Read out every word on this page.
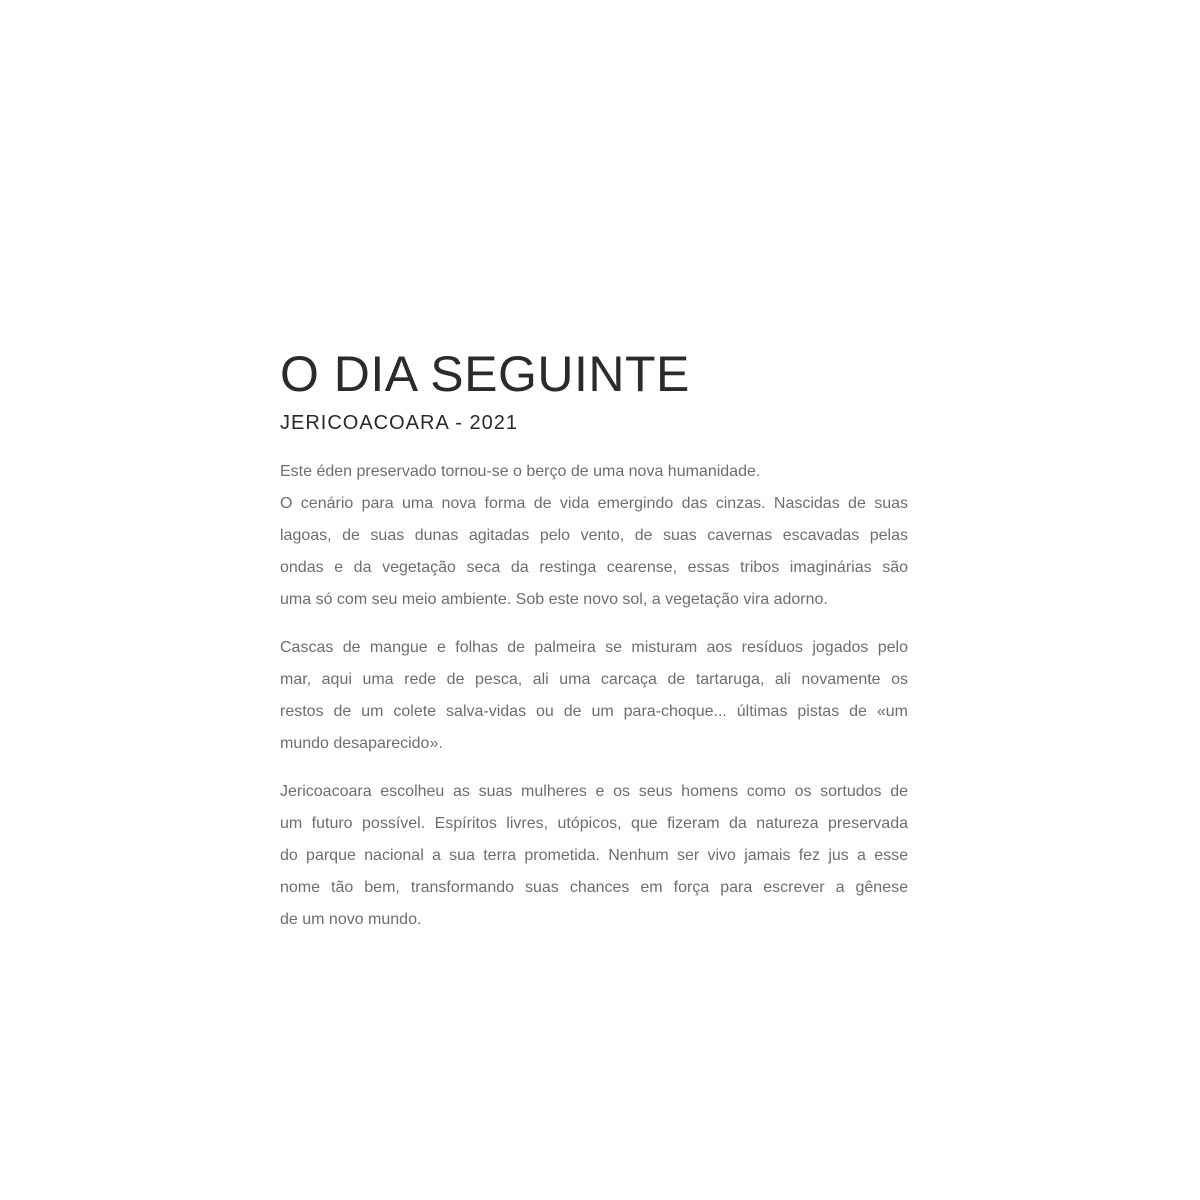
O DIA SEGUINTE
JERICOACOARA - 2021

Este éden preservado tornou-se o berço de uma nova humanidade.
O cenário para uma nova forma de vida emergindo das cinzas. Nascidas de suas
lagoas, de suas dunas agitadas pelo vento, de suas cavernas escavadas pelas
ondas e da vegetação seca da restinga cearense, essas tribos imaginárias são
uma só com seu meio ambiente. Sob este novo sol, a vegetação vira adorno.

Cascas de mangue e folhas de palmeira se misturam aos resíduos jogados pelo
mar, aqui uma rede de pesca, ali uma carcaça de tartaruga, ali novamente os
restos de um colete salva-vidas ou de um para-choque... últimas pistas de «um
mundo desaparecido».

Jericoacoara escolheu as suas mulheres e os seus homens como os sortudos de
um futuro possível. Espíritos livres, utópicos, que fizeram da natureza preservada
do parque nacional a sua terra prometida. Nenhum ser vivo jamais fez jus a esse
nome tão bem, transformando suas chances em força para escrever a gênese
de um novo mundo.
